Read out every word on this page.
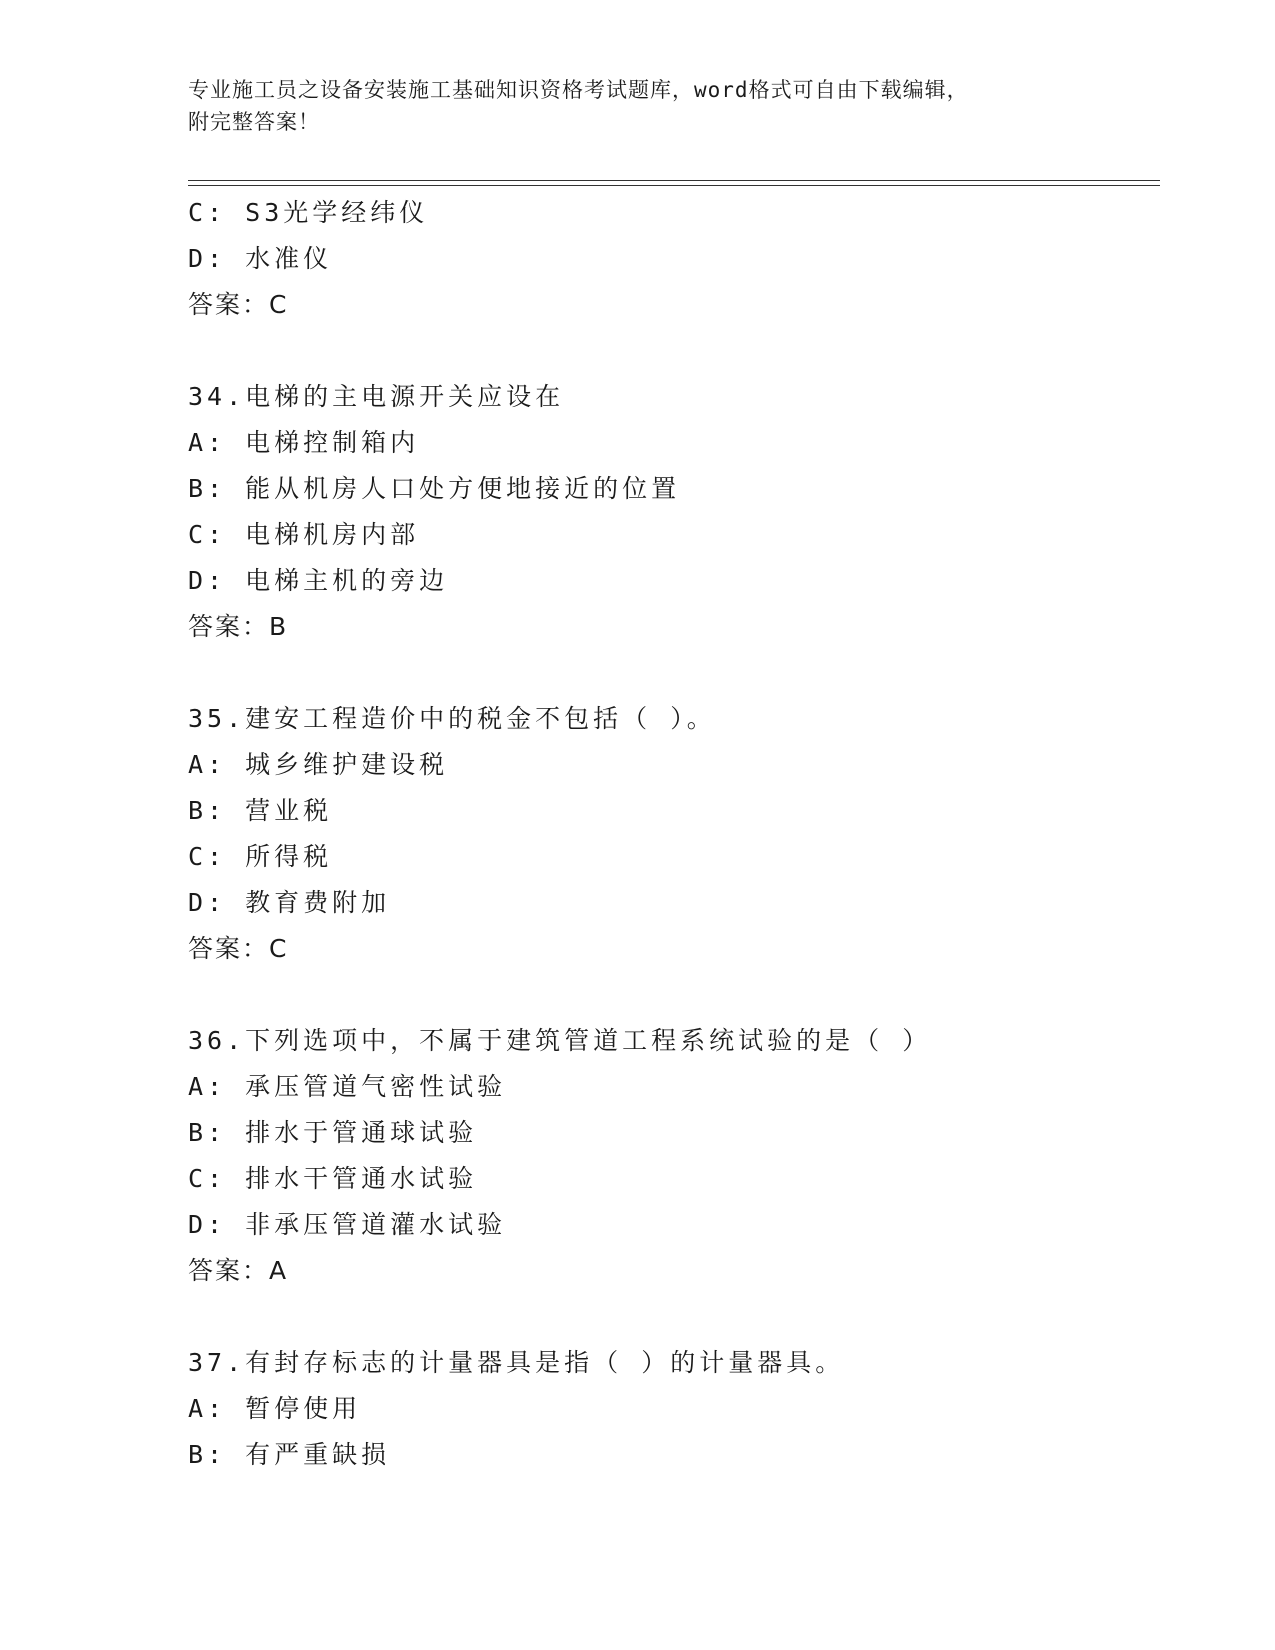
专业施工员之设备安装施工基础知识资格考试题库，word格式可自由下载编辑，
附完整答案！
C: S3光学经纬仪
D: 水准仪
答案：C
34.电梯的主电源开关应设在
A: 电梯控制箱内
B: 能从机房人口处方便地接近的位置
C: 电梯机房内部
D: 电梯主机的旁边
答案：B
35.建安工程造价中的税金不包括（ ）。
A: 城乡维护建设税
B: 营业税
C: 所得税
D: 教育费附加
答案：C
36.下列选项中，不属于建筑管道工程系统试验的是（ ）
A: 承压管道气密性试验
B: 排水于管通球试验
C: 排水干管通水试验
D: 非承压管道灌水试验
答案：A
37.有封存标志的计量器具是指（ ）的计量器具。
A: 暂停使用
B: 有严重缺损
